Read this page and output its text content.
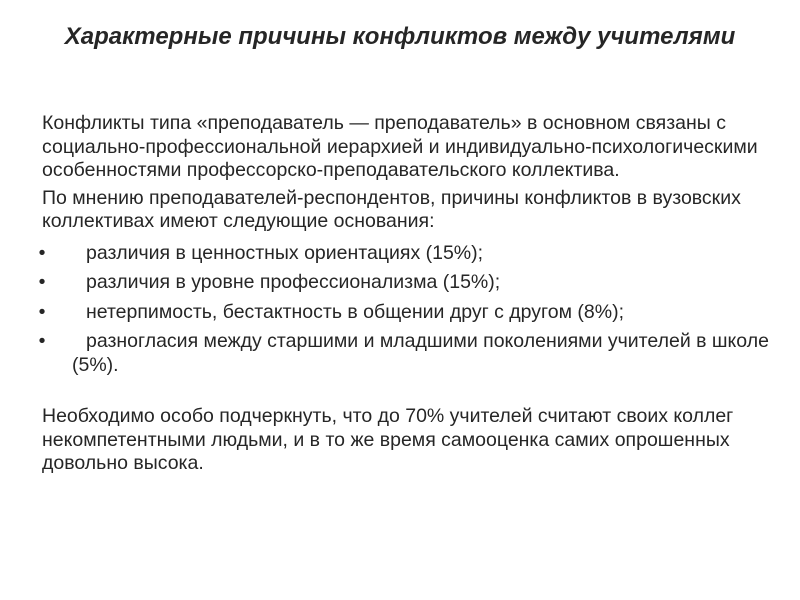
Характерные причины конфликтов между учителями

Конфликты типа «преподаватель — преподаватель» в основном связаны с социально-профессиональной иерархией и индивидуально-психологическими особенностями профессорско-преподавательского коллектива.

По мнению преподавателей-респондентов, причины конфликтов в вузовских коллективах имеют следующие основания:

•	различия в ценностных ориентациях (15%);
•	различия в уровне профессионализма (15%);
•	нетерпимость, бестактность в общении друг с другом (8%);
•	разногласия между старшими и младшими поколениями учителей в школе (5%).

Необходимо особо подчеркнуть, что до 70% учителей считают своих коллег некомпетентными людьми, и в то же время самооценка самих опрошенных довольно высока.
